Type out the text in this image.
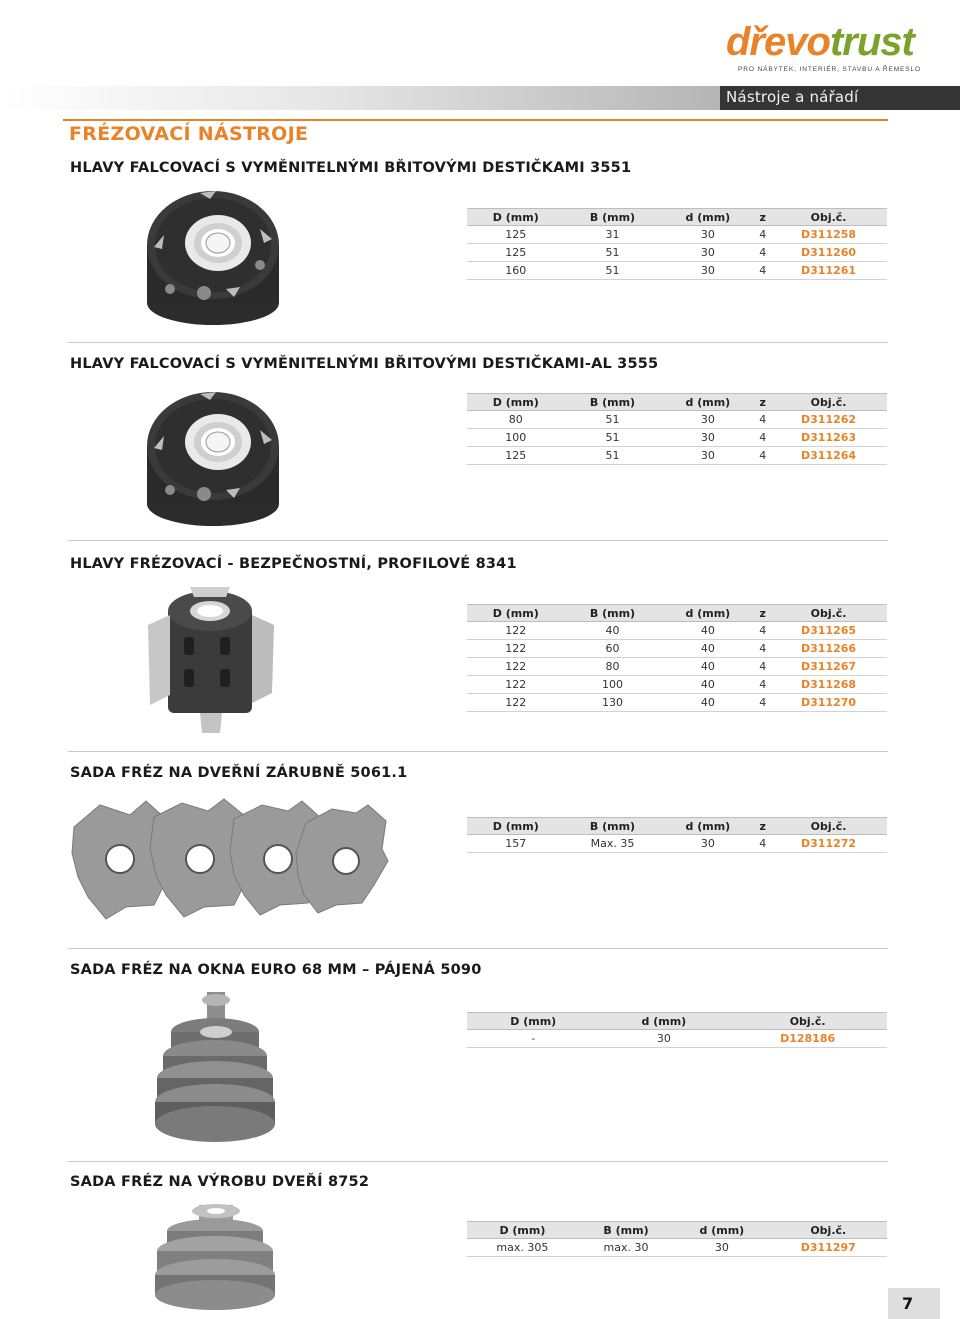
dřevotrust
PRO NÁBYTEK, INTERIÉR, STAVBU A ŘEMESLO
Nástroje a nářadí
FRÉZOVACÍ NÁSTROJE
HLAVY FALCOVACÍ S VYMĚNITELNÝMI BŘITOVÝMI DESTIČKAMI 3551
D (mm)	B (mm)	d (mm)	z	Obj.č.
125	31	30	4	D311258
125	51	30	4	D311260
160	51	30	4	D311261
HLAVY FALCOVACÍ S VYMĚNITELNÝMI BŘITOVÝMI DESTIČKAMI-AL 3555
D (mm)	B (mm)	d (mm)	z	Obj.č.
80	51	30	4	D311262
100	51	30	4	D311263
125	51	30	4	D311264
HLAVY FRÉZOVACÍ - BEZPEČNOSTNÍ, PROFILOVÉ 8341
D (mm)	B (mm)	d (mm)	z	Obj.č.
122	40	40	4	D311265
122	60	40	4	D311266
122	80	40	4	D311267
122	100	40	4	D311268
122	130	40	4	D311270
SADA FRÉZ NA DVEŘNÍ ZÁRUBNĚ 5061.1
D (mm)	B (mm)	d (mm)	z	Obj.č.
157	Max. 35	30	4	D311272
SADA FRÉZ NA OKNA EURO 68 MM – PÁJENÁ 5090
D (mm)	d (mm)			Obj.č.
-	30			D128186
SADA FRÉZ NA VÝROBU DVEŘÍ 8752
D (mm)	B (mm)	d (mm)		Obj.č.
max. 305	max. 30	30		D311297
7
